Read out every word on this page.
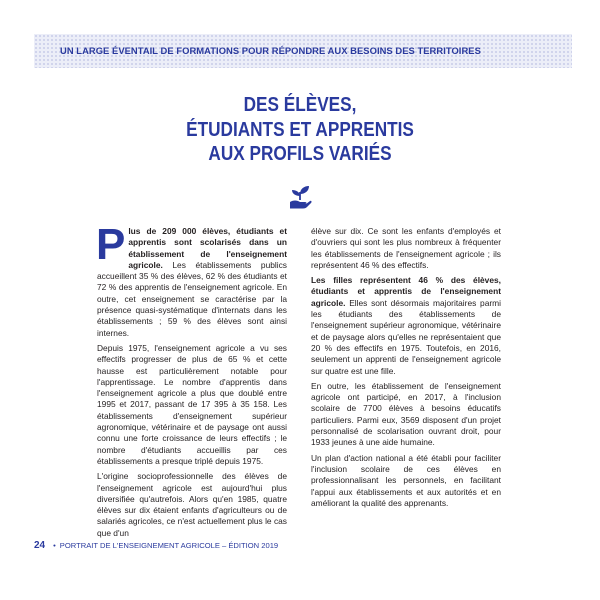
UN LARGE ÉVENTAIL DE FORMATIONS POUR RÉPONDRE AUX BESOINS DES TERRITOIRES
DES ÉLÈVES,
ÉTUDIANTS ET APPRENTIS
AUX PROFILS VARIÉS

Plus de 209 000 élèves, étudiants et apprentis sont scolarisés dans un établissement de l'enseignement agricole. Les établissements publics accueillent 35 % des élèves, 62 % des étudiants et 72 % des apprentis de l'enseignement agricole. En outre, cet enseignement se caractérise par la présence quasi-systématique d'internats dans les établissements ; 59 % des élèves sont ainsi internes.

Depuis 1975, l'enseignement agricole a vu ses effectifs progresser de plus de 65 % et cette hausse est particulièrement notable pour l'apprentissage. Le nombre d'apprentis dans l'enseignement agricole a plus que doublé entre 1995 et 2017, passant de 17 395 à 35 158. Les établissements d'enseignement supérieur agronomique, vétérinaire et de paysage ont aussi connu une forte croissance de leurs effectifs ; le nombre d'étudiants accueillis par ces établissements a presque triplé depuis 1975.

L'origine socioprofessionnelle des élèves de l'enseignement agricole est aujourd'hui plus diversifiée qu'autrefois. Alors qu'en 1985, quatre élèves sur dix étaient enfants d'agriculteurs ou de salariés agricoles, ce n'est actuellement plus le cas que d'un

élève sur dix. Ce sont les enfants d'employés et d'ouvriers qui sont les plus nombreux à fréquenter les établissements de l'enseignement agricole ; ils représentent 46 % des effectifs.

Les filles représentent 46 % des élèves, étudiants et apprentis de l'enseignement agricole. Elles sont désormais majoritaires parmi les étudiants des établissements de l'enseignement supérieur agronomique, vétérinaire et de paysage alors qu'elles ne représentaient que 20 % des effectifs en 1975. Toutefois, en 2016, seulement un apprenti de l'enseignement agricole sur quatre est une fille.

En outre, les établissement de l'enseignement agricole ont participé, en 2017, à l'inclusion scolaire de 7700 élèves à besoins éducatifs particuliers. Parmi eux, 3569 disposent d'un projet personnalisé de scolarisation ouvrant droit, pour 1933 jeunes à une aide humaine.

Un plan d'action national a été établi pour faciliter l'inclusion scolaire de ces élèves en professionnalisant les personnels, en facilitant l'appui aux établissements et aux autorités et en améliorant la qualité des apprenants.

24 • PORTRAIT DE L'ENSEIGNEMENT AGRICOLE – ÉDITION 2019
